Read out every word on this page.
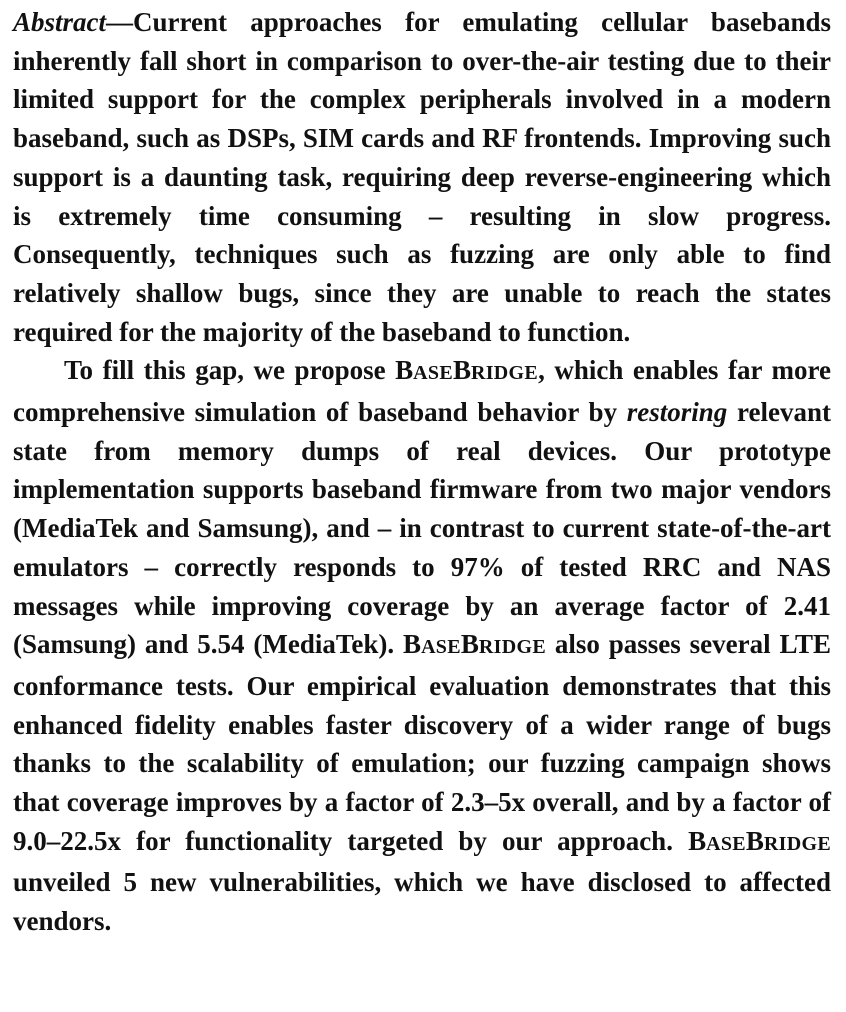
Abstract—Current approaches for emulating cellular basebands inherently fall short in comparison to over-the-air testing due to their limited support for the complex peripherals involved in a modern baseband, such as DSPs, SIM cards and RF frontends. Improving such support is a daunting task, requiring deep reverse-engineering which is extremely time consuming – resulting in slow progress. Consequently, techniques such as fuzzing are only able to find relatively shallow bugs, since they are unable to reach the states required for the majority of the baseband to function.

To fill this gap, we propose BASEBRIDGE, which enables far more comprehensive simulation of baseband behavior by restoring relevant state from memory dumps of real devices. Our prototype implementation supports baseband firmware from two major vendors (MediaTek and Samsung), and – in contrast to current state-of-the-art emulators – correctly responds to 97% of tested RRC and NAS messages while improving coverage by an average factor of 2.41 (Samsung) and 5.54 (MediaTek). BASEBRIDGE also passes several LTE conformance tests. Our empirical evaluation demonstrates that this enhanced fidelity enables faster discovery of a wider range of bugs thanks to the scalability of emulation; our fuzzing campaign shows that coverage improves by a factor of 2.3–5x overall, and by a factor of 9.0–22.5x for functionality targeted by our approach. BASEBRIDGE unveiled 5 new vulnerabilities, which we have disclosed to affected vendors.
